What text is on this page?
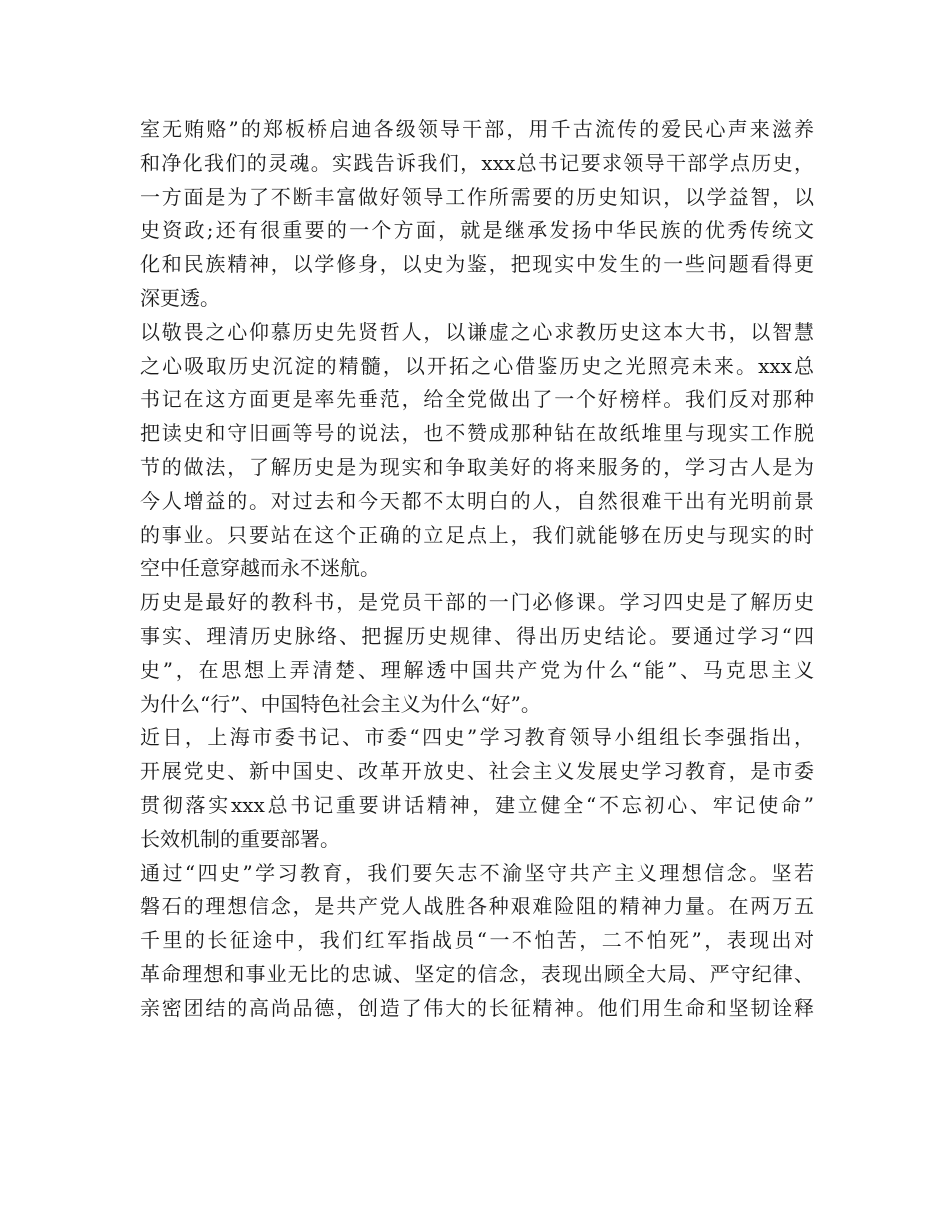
室无贿赂”的郑板桥启迪各级领导干部，用千古流传的爱民心声来滋养
和净化我们的灵魂。实践告诉我们，xxx总书记要求领导干部学点历史，
一方面是为了不断丰富做好领导工作所需要的历史知识，以学益智，以
史资政;还有很重要的一个方面，就是继承发扬中华民族的优秀传统文
化和民族精神，以学修身，以史为鉴，把现实中发生的一些问题看得更
深更透。
以敬畏之心仰慕历史先贤哲人，以谦虚之心求教历史这本大书，以智慧
之心吸取历史沉淀的精髓，以开拓之心借鉴历史之光照亮未来。xxx总
书记在这方面更是率先垂范，给全党做出了一个好榜样。我们反对那种
把读史和守旧画等号的说法，也不赞成那种钻在故纸堆里与现实工作脱
节的做法，了解历史是为现实和争取美好的将来服务的，学习古人是为
今人增益的。对过去和今天都不太明白的人，自然很难干出有光明前景
的事业。只要站在这个正确的立足点上，我们就能够在历史与现实的时
空中任意穿越而永不迷航。
历史是最好的教科书，是党员干部的一门必修课。学习四史是了解历史
事实、理清历史脉络、把握历史规律、得出历史结论。要通过学习“四
史”，在思想上弄清楚、理解透中国共产党为什么“能”、马克思主义
为什么“行”、中国特色社会主义为什么“好”。
近日，上海市委书记、市委“四史”学习教育领导小组组长李强指出，
开展党史、新中国史、改革开放史、社会主义发展史学习教育，是市委
贯彻落实xxx总书记重要讲话精神，建立健全“不忘初心、牢记使命”
长效机制的重要部署。
通过“四史”学习教育，我们要矢志不渝坚守共产主义理想信念。坚若
磐石的理想信念，是共产党人战胜各种艰难险阻的精神力量。在两万五
千里的长征途中，我们红军指战员“一不怕苦，二不怕死”，表现出对
革命理想和事业无比的忠诚、坚定的信念，表现出顾全大局、严守纪律、
亲密团结的高尚品德，创造了伟大的长征精神。他们用生命和坚韧诠释
